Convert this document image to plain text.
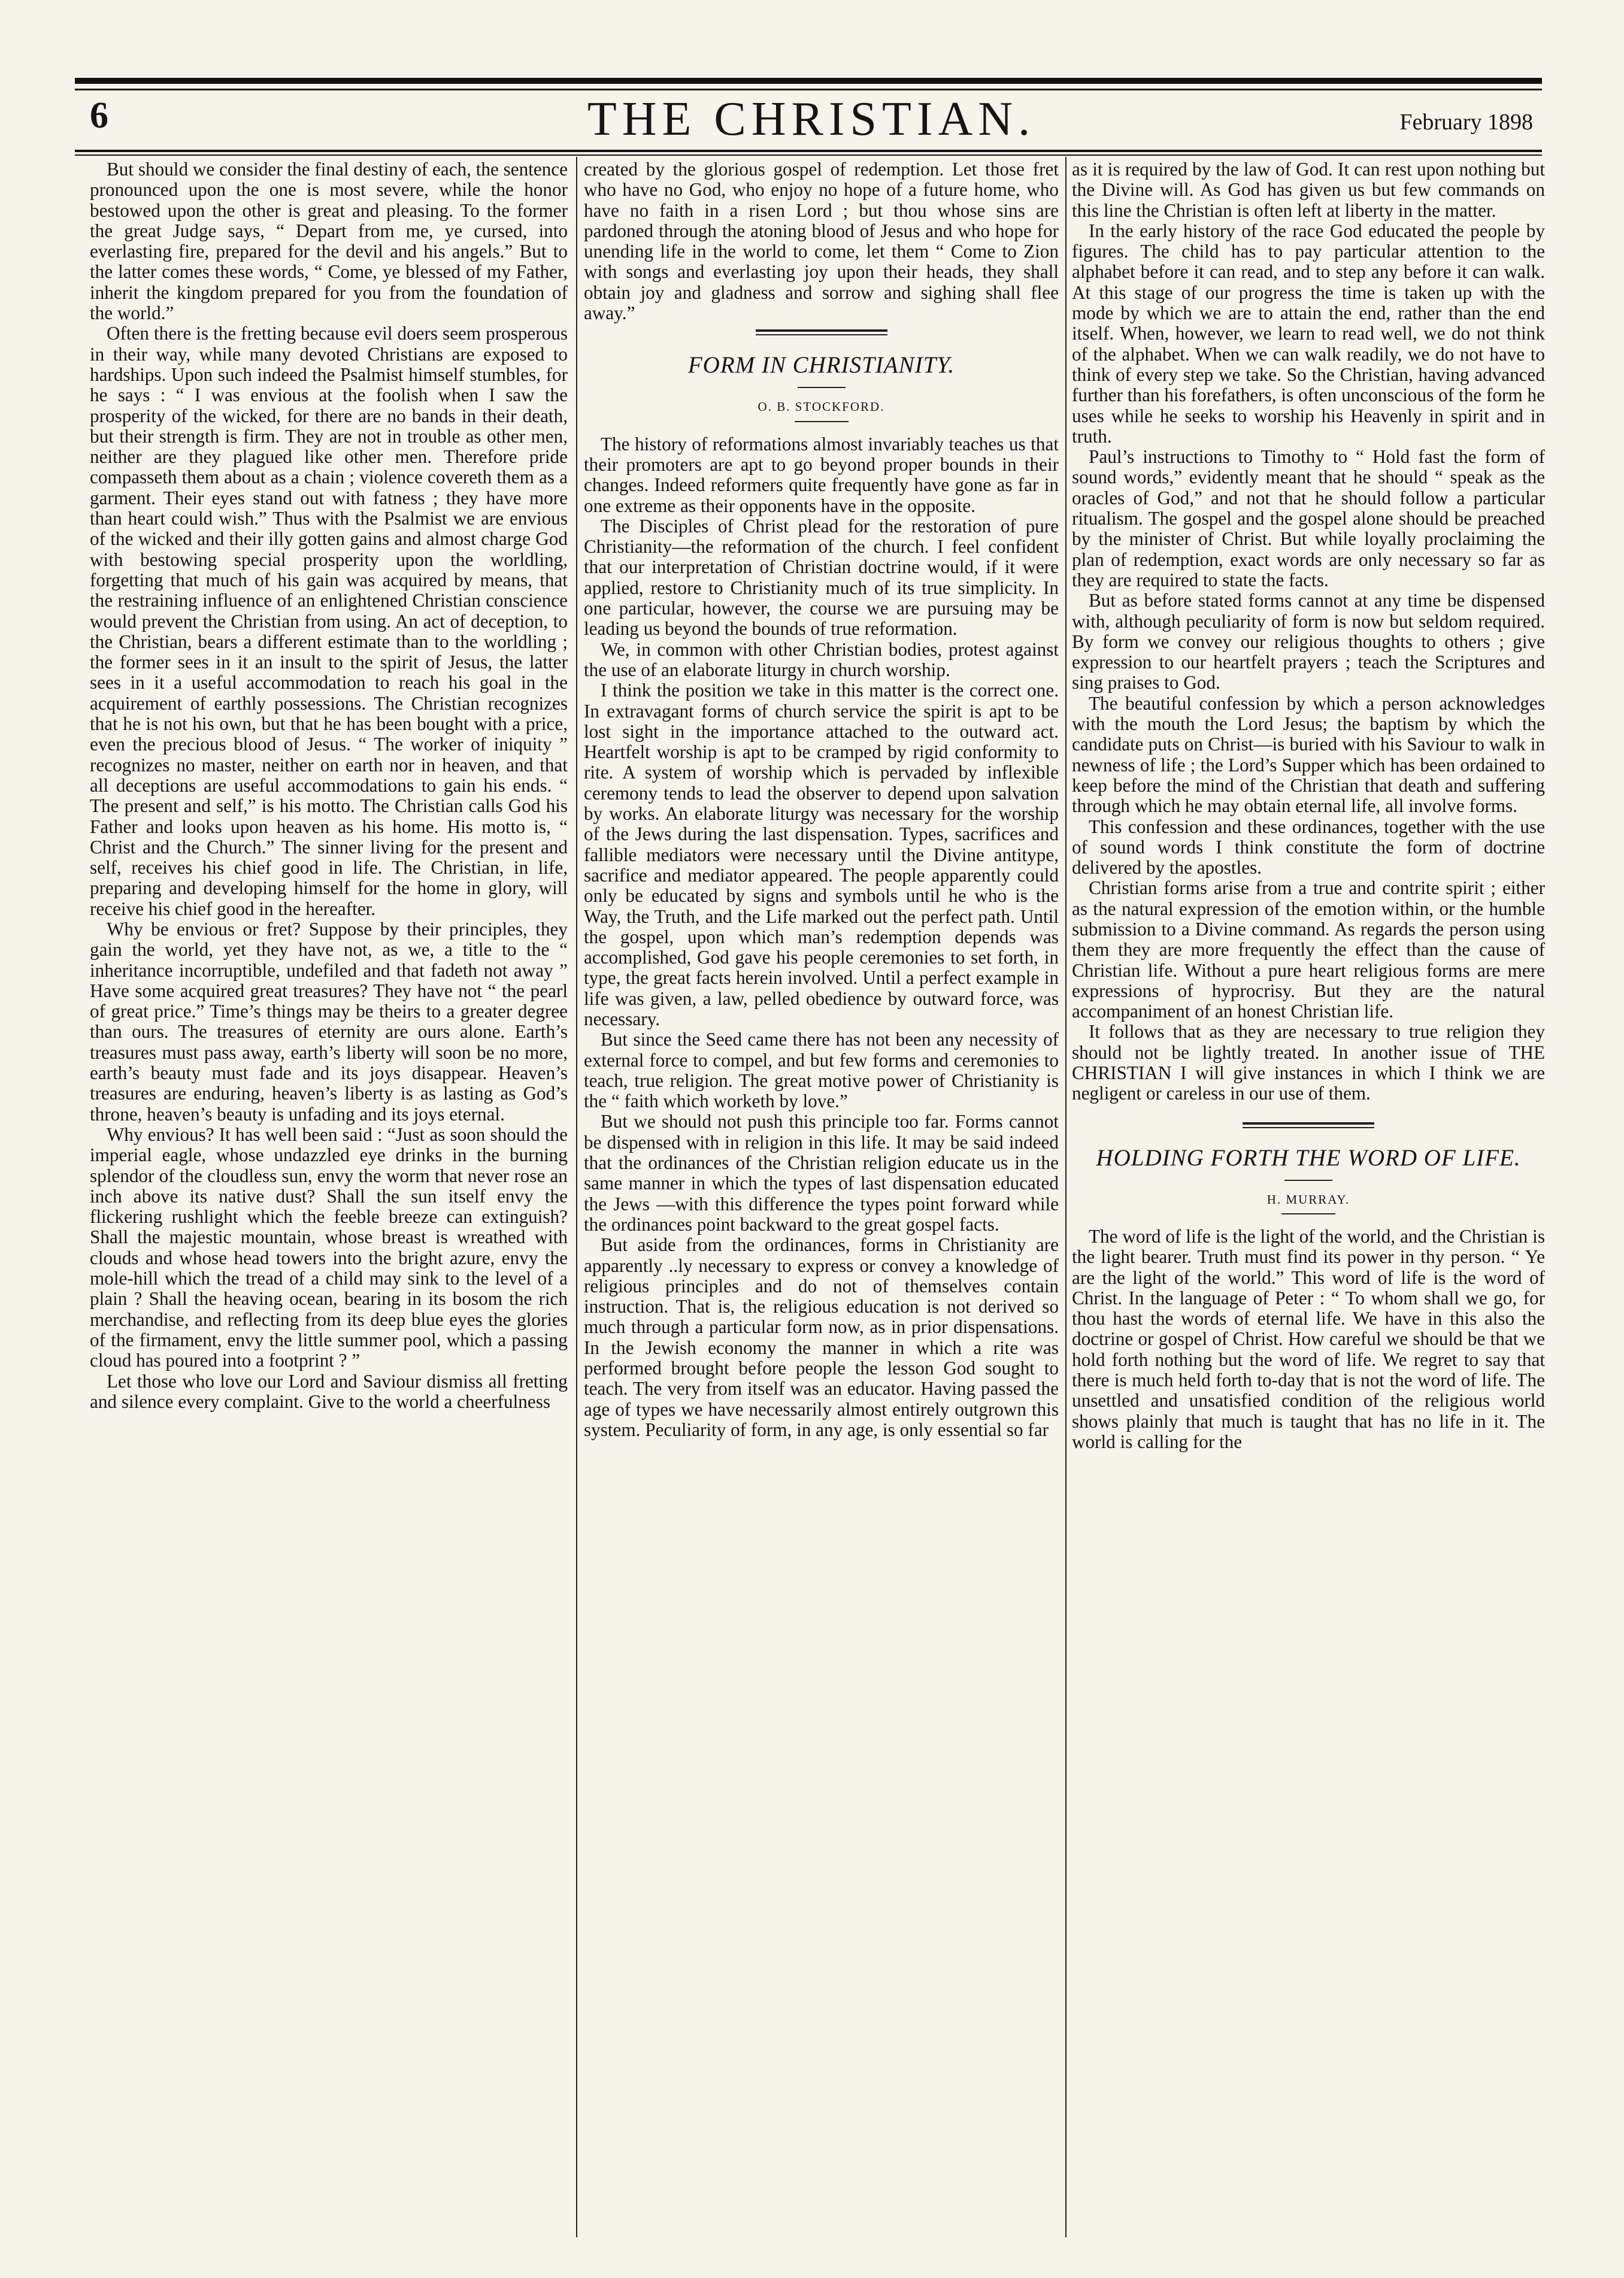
6	THE CHRISTIAN.	February 1898

But should we consider the final destiny of each, the sentence pronounced upon the one is most severe, while the honor bestowed upon the other is great and pleasing. To the former the great Judge says, “ Depart from me, ye cursed, into everlasting fire, prepared for the devil and his angels.” But to the latter comes these words, “ Come, ye blessed of my Father, inherit the kingdom prepared for you from the foundation of the world.”

Often there is the fretting because evil doers seem prosperous in their way, while many devoted Christians are exposed to hardships. Upon such indeed the Psalmist himself stumbles, for he says : “ I was envious at the foolish when I saw the prosperity of the wicked, for there are no bands in their death, but their strength is firm. They are not in trouble as other men, neither are they plagued like other men. Therefore pride compasseth them about as a chain ; violence covereth them as a garment. Their eyes stand out with fatness ; they have more than heart could wish.” Thus with the Psalmist we are envious of the wicked and their illy gotten gains and almost charge God with bestowing special prosperity upon the worldling, forgetting that much of his gain was acquired by means, that the restraining influence of an enlightened Christian conscience would prevent the Christian from using. An act of deception, to the Christian, bears a different estimate than to the worldling ; the former sees in it an insult to the spirit of Jesus, the latter sees in it a useful accommodation to reach his goal in the acquirement of earthly possessions. The Christian recognizes that he is not his own, but that he has been bought with a price, even the precious blood of Jesus. “ The worker of iniquity ” recognizes no master, neither on earth nor in heaven, and that all deceptions are useful accommodations to gain his ends. “ The present and self,” is his motto. The Christian calls God his Father and looks upon heaven as his home. His motto is, “ Christ and the Church.” The sinner living for the present and self, receives his chief good in life. The Christian, in life, preparing and developing himself for the home in glory, will receive his chief good in the hereafter.

Why be envious or fret? Suppose by their principles, they gain the world, yet they have not, as we, a title to the “ inheritance incorruptible, undefiled and that fadeth not away ” Have some acquired great treasures? They have not “ the pearl of great price.” Time’s things may be theirs to a greater degree than ours. The treasures of eternity are ours alone. Earth’s treasures must pass away, earth’s liberty will soon be no more, earth’s beauty must fade and its joys disappear. Heaven’s treasures are enduring, heaven’s liberty is as lasting as God’s throne, heaven’s beauty is unfading and its joys eternal.

Why envious? It has well been said : “Just as soon should the imperial eagle, whose undazzled eye drinks in the burning splendor of the cloudless sun, envy the worm that never rose an inch above its native dust? Shall the sun itself envy the flickering rushlight which the feeble breeze can extinguish? Shall the majestic mountain, whose breast is wreathed with clouds and whose head towers into the bright azure, envy the mole-hill which the tread of a child may sink to the level of a plain ? Shall the heaving ocean, bearing in its bosom the rich merchandise, and reflecting from its deep blue eyes the glories of the firmament, envy the little summer pool, which a passing cloud has poured into a footprint ? ”

Let those who love our Lord and Saviour dismiss all fretting and silence every complaint. Give to the world a cheerfulness

created by the glorious gospel of redemption. Let those fret who have no God, who enjoy no hope of a future home, who have no faith in a risen Lord ; but thou whose sins are pardoned through the atoning blood of Jesus and who hope for unending life in the world to come, let them “ Come to Zion with songs and everlasting joy upon their heads, they shall obtain joy and gladness and sorrow and sighing shall flee away.”

FORM IN CHRISTIANITY.
O. B. STOCKFORD.

The history of reformations almost invariably teaches us that their promoters are apt to go beyond proper bounds in their changes. Indeed reformers quite frequently have gone as far in one extreme as their opponents have in the opposite.

The Disciples of Christ plead for the restoration of pure Christianity—the reformation of the church. I feel confident that our interpretation of Christian doctrine would, if it were applied, restore to Christianity much of its true simplicity. In one particular, however, the course we are pursuing may be leading us beyond the bounds of true reformation.

We, in common with other Christian bodies, protest against the use of an elaborate liturgy in church worship.

I think the position we take in this matter is the correct one. In extravagant forms of church service the spirit is apt to be lost sight in the importance attached to the outward act. Heartfelt worship is apt to be cramped by rigid conformity to rite. A system of worship which is pervaded by inflexible ceremony tends to lead the observer to depend upon salvation by works. An elaborate liturgy was necessary for the worship of the Jews during the last dispensation. Types, sacrifices and fallible mediators were necessary until the Divine antitype, sacrifice and mediator appeared. The people apparently could only be educated by signs and symbols until he who is the Way, the Truth, and the Life marked out the perfect path. Until the gospel, upon which man’s redemption depends was accomplished, God gave his people ceremonies to set forth, in type, the great facts herein involved. Until a perfect example in life was given, a law, pelled obedience by outward force, was necessary.

But since the Seed came there has not been any necessity of external force to compel, and but few forms and ceremonies to teach, true religion. The great motive power of Christianity is the “ faith which worketh by love.”

But we should not push this principle too far. Forms cannot be dispensed with in religion in this life. It may be said indeed that the ordinances of the Christian religion educate us in the same manner in which the types of last dispensation educated the Jews —with this difference the types point forward while the ordinances point backward to the great gospel facts.

But aside from the ordinances, forms in Christianity are apparently ..ly necessary to express or convey a knowledge of religious principles and do not of themselves contain instruction. That is, the religious education is not derived so much through a particular form now, as in prior dispensations. In the Jewish economy the manner in which a rite was performed brought before people the lesson God sought to teach. The very from itself was an educator. Having passed the age of types we have necessarily almost entirely outgrown this system. Peculiarity of form, in any age, is only essential so far

as it is required by the law of God. It can rest upon nothing but the Divine will. As God has given us but few commands on this line the Christian is often left at liberty in the matter.

In the early history of the race God educated the people by figures. The child has to pay particular attention to the alphabet before it can read, and to step any before it can walk. At this stage of our progress the time is taken up with the mode by which we are to attain the end, rather than the end itself. When, however, we learn to read well, we do not think of the alphabet. When we can walk readily, we do not have to think of every step we take. So the Christian, having advanced further than his forefathers, is often unconscious of the form he uses while he seeks to worship his Heavenly in spirit and in truth.

Paul’s instructions to Timothy to “ Hold fast the form of sound words,” evidently meant that he should “ speak as the oracles of God,” and not that he should follow a particular ritualism. The gospel and the gospel alone should be preached by the minister of Christ. But while loyally proclaiming the plan of redemption, exact words are only necessary so far as they are required to state the facts.

But as before stated forms cannot at any time be dispensed with, although peculiarity of form is now but seldom required. By form we convey our religious thoughts to others ; give expression to our heartfelt prayers ; teach the Scriptures and sing praises to God.

The beautiful confession by which a person acknowledges with the mouth the Lord Jesus; the baptism by which the candidate puts on Christ—is buried with his Saviour to walk in newness of life ; the Lord’s Supper which has been ordained to keep before the mind of the Christian that death and suffering through which he may obtain eternal life, all involve forms.

This confession and these ordinances, together with the use of sound words I think constitute the form of doctrine delivered by the apostles.

Christian forms arise from a true and contrite spirit ; either as the natural expression of the emotion within, or the humble submission to a Divine command. As regards the person using them they are more frequently the effect than the cause of Christian life. Without a pure heart religious forms are mere expressions of hyprocrisy. But they are the natural accompaniment of an honest Christian life.

It follows that as they are necessary to true religion they should not be lightly treated. In another issue of THE CHRISTIAN I will give instances in which I think we are negligent or careless in our use of them.

HOLDING FORTH THE WORD OF LIFE.
H. MURRAY.

The word of life is the light of the world, and the Christian is the light bearer. Truth must find its power in thy person. “ Ye are the light of the world.” This word of life is the word of Christ. In the language of Peter : “ To whom shall we go, for thou hast the words of eternal life. We have in this also the doctrine or gospel of Christ. How careful we should be that we hold forth nothing but the word of life. We regret to say that there is much held forth to-day that is not the word of life. The unsettled and unsatisfied condition of the religious world shows plainly that much is taught that has no life in it. The world is calling for the
